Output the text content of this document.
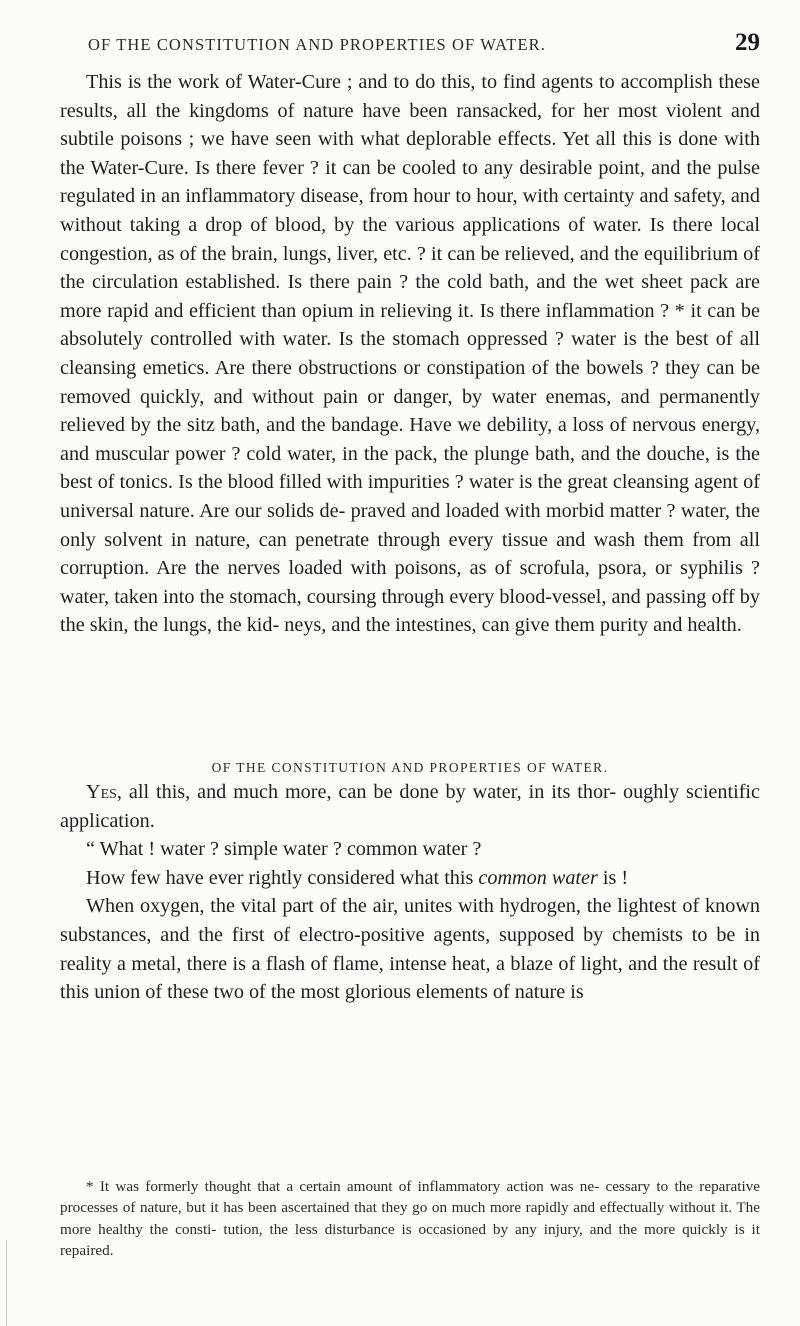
OF THE CONSTITUTION AND PROPERTIES OF WATER.	29

This is the work of Water-Cure ; and to do this, to find agents to accomplish these results, all the kingdoms of nature have been ransacked, for her most violent and subtile poisons ; we have seen with what deplorable effects. Yet all this is done with the Water-Cure. Is there fever ? it can be cooled to any desirable point, and the pulse regulated in an inflammatory disease, from hour to hour, with certainty and safety, and without taking a drop of blood, by the various applications of water. Is there local congestion, as of the brain, lungs, liver, etc. ? it can be relieved, and the equilibrium of the circulation established. Is there pain ? the cold bath, and the wet sheet pack are more rapid and efficient than opium in relieving it. Is there inflammation ? * it can be absolutely controlled with water. Is the stomach oppressed ? water is the best of all cleansing emetics. Are there obstructions or constipation of the bowels ? they can be removed quickly, and without pain or danger, by water enemas, and permanently relieved by the sitz bath, and the bandage. Have we debility, a loss of nervous energy, and muscular power ? cold water, in the pack, the plunge bath, and the douche, is the best of tonics. Is the blood filled with impurities ? water is the great cleansing agent of universal nature. Are our solids de- praved and loaded with morbid matter ? water, the only solvent in nature, can penetrate through every tissue and wash them from all corruption. Are the nerves loaded with poisons, as of scrofula, psora, or syphilis ? water, taken into the stomach, coursing through every blood-vessel, and passing off by the skin, the lungs, the kid- neys, and the intestines, can give them purity and health.

OF THE CONSTITUTION AND PROPERTIES OF WATER.

Yes, all this, and much more, can be done by water, in its thor- oughly scientific application.

“ What ! water ? simple water ? common water ?

How few have ever rightly considered what this common water is !

When oxygen, the vital part of the air, unites with hydrogen, the lightest of known substances, and the first of electro-positive agents, supposed by chemists to be in reality a metal, there is a flash of flame, intense heat, a blaze of light, and the result of this union of these two of the most glorious elements of nature is

* It was formerly thought that a certain amount of inflammatory action was ne- cessary to the reparative processes of nature, but it has been ascertained that they go on much more rapidly and effectually without it. The more healthy the consti- tution, the less disturbance is occasioned by any injury, and the more quickly is it repaired.
